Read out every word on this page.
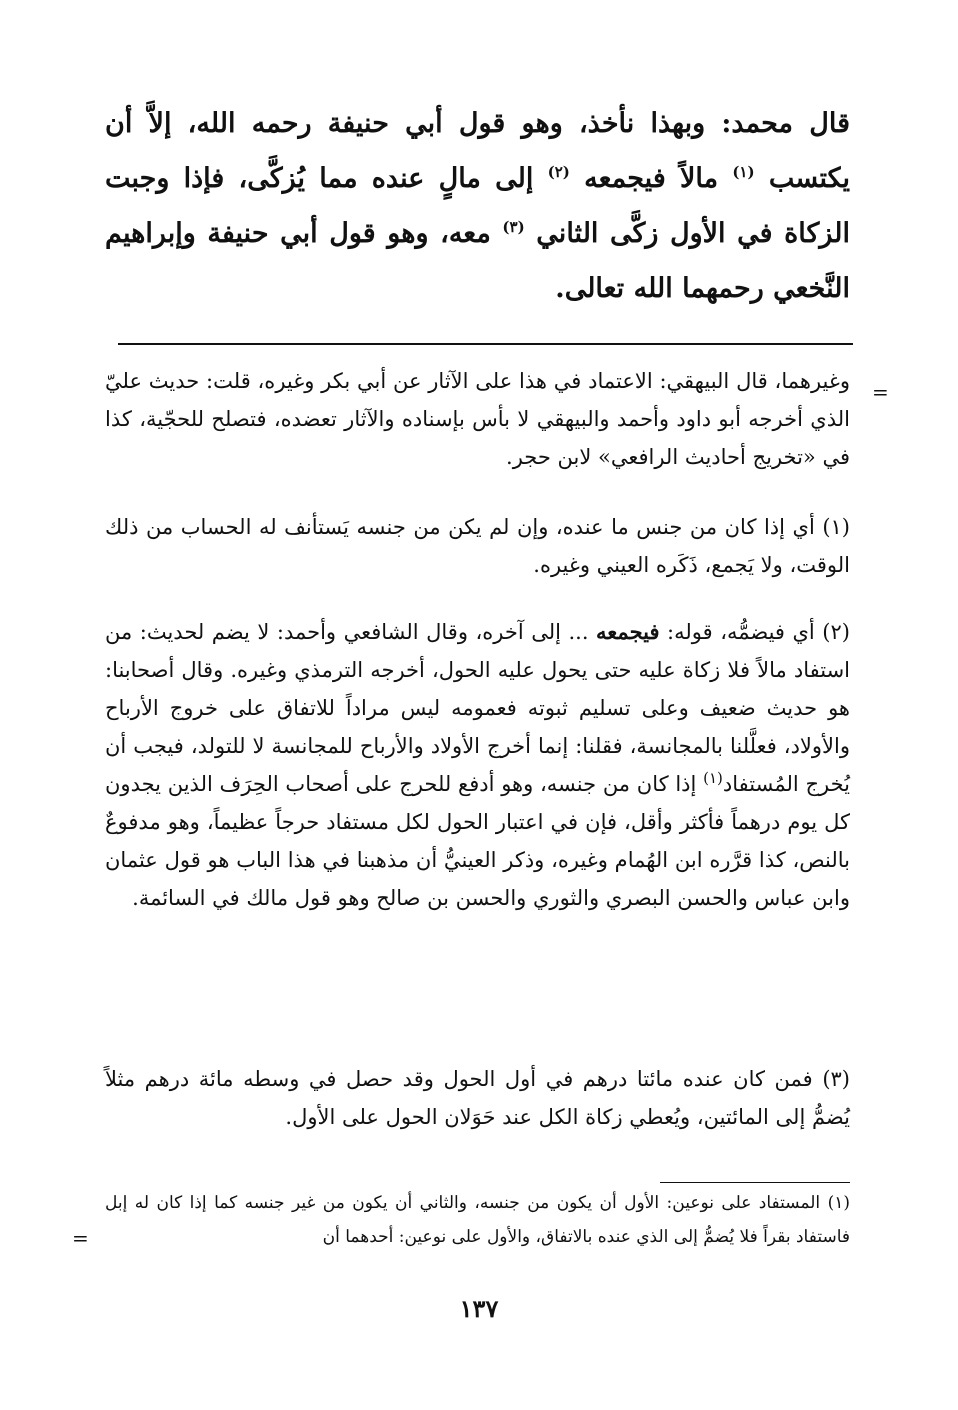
قال محمد: وبهذا نأخذ، وهو قول أبي حنيفة رحمه الله، إلاَّ أن يكتسب $^{(١)}$ مالاً فيجمعه $^{(٢)}$ إلى مالٍ عنده مما يُزكَّى، فإذا وجبت الزكاة في الأول زكَّى الثاني $^{(٣)}$ معه، وهو قول أبي حنيفة وإبراهيم النَّخعي رحمهما الله تعالى.
=
وغيرهما، قال البيهقي: الاعتماد في هذا على الآثار عن أبي بكر وغيره، قلت: حديث عليّ الذي أخرجه أبو داود وأحمد والبيهقي لا بأس بإسناده والآثار تعضده، فتصلح للحجّية، كذا في «تخريج أحاديث الرافعي» لابن حجر.
(١) أي إذا كان من جنس ما عنده، وإن لم يكن من جنسه يَستأنف له الحساب من ذلك الوقت، ولا يَجمع، ذَكَره العيني وغيره.
(٢) أي فيضمُّه، قوله: فيجمعه ... إلى آخره، وقال الشافعي وأحمد: لا يضم لحديث: من استفاد مالاً فلا زكاة عليه حتى يحول عليه الحول، أخرجه الترمذي وغيره. وقال أصحابنا: هو حديث ضعيف وعلى تسليم ثبوته فعمومه ليس مراداً للاتفاق على خروج الأرباح والأولاد، فعلَّلنا بالمجانسة، فقلنا: إنما أخرج الأولاد والأرباح للمجانسة لا للتولد، فيجب أن يُخرج المُستفاد$^{(١)}$ إذا كان من جنسه، وهو أدفع للحرج على أصحاب الحِرَف الذين يجدون كل يوم درهماً فأكثر وأقل، فإن في اعتبار الحول لكل مستفاد حرجاً عظيماً، وهو مدفوعٌ بالنص، كذا قرَّره ابن الهُمام وغيره، وذكر العينيُّ أن مذهبنا في هذا الباب هو قول عثمان وابن عباس والحسن البصري والثوري والحسن بن صالح وهو قول مالك في السائمة.
(٣) فمن كان عنده مائتا درهم في أول الحول وقد حصل في وسطه مائة درهم مثلاً يُضمُّ إلى المائتين، ويُعطي زكاة الكل عند حَوَلان الحول على الأول.
(١) المستفاد على نوعين: الأول أن يكون من جنسه، والثاني أن يكون من غير جنسه كما إذا كان له إبل فاستفاد بقراً فلا يُضمُّ إلى الذي عنده بالاتفاق، والأول على نوعين: أحدهما أن
=
١٣٧
